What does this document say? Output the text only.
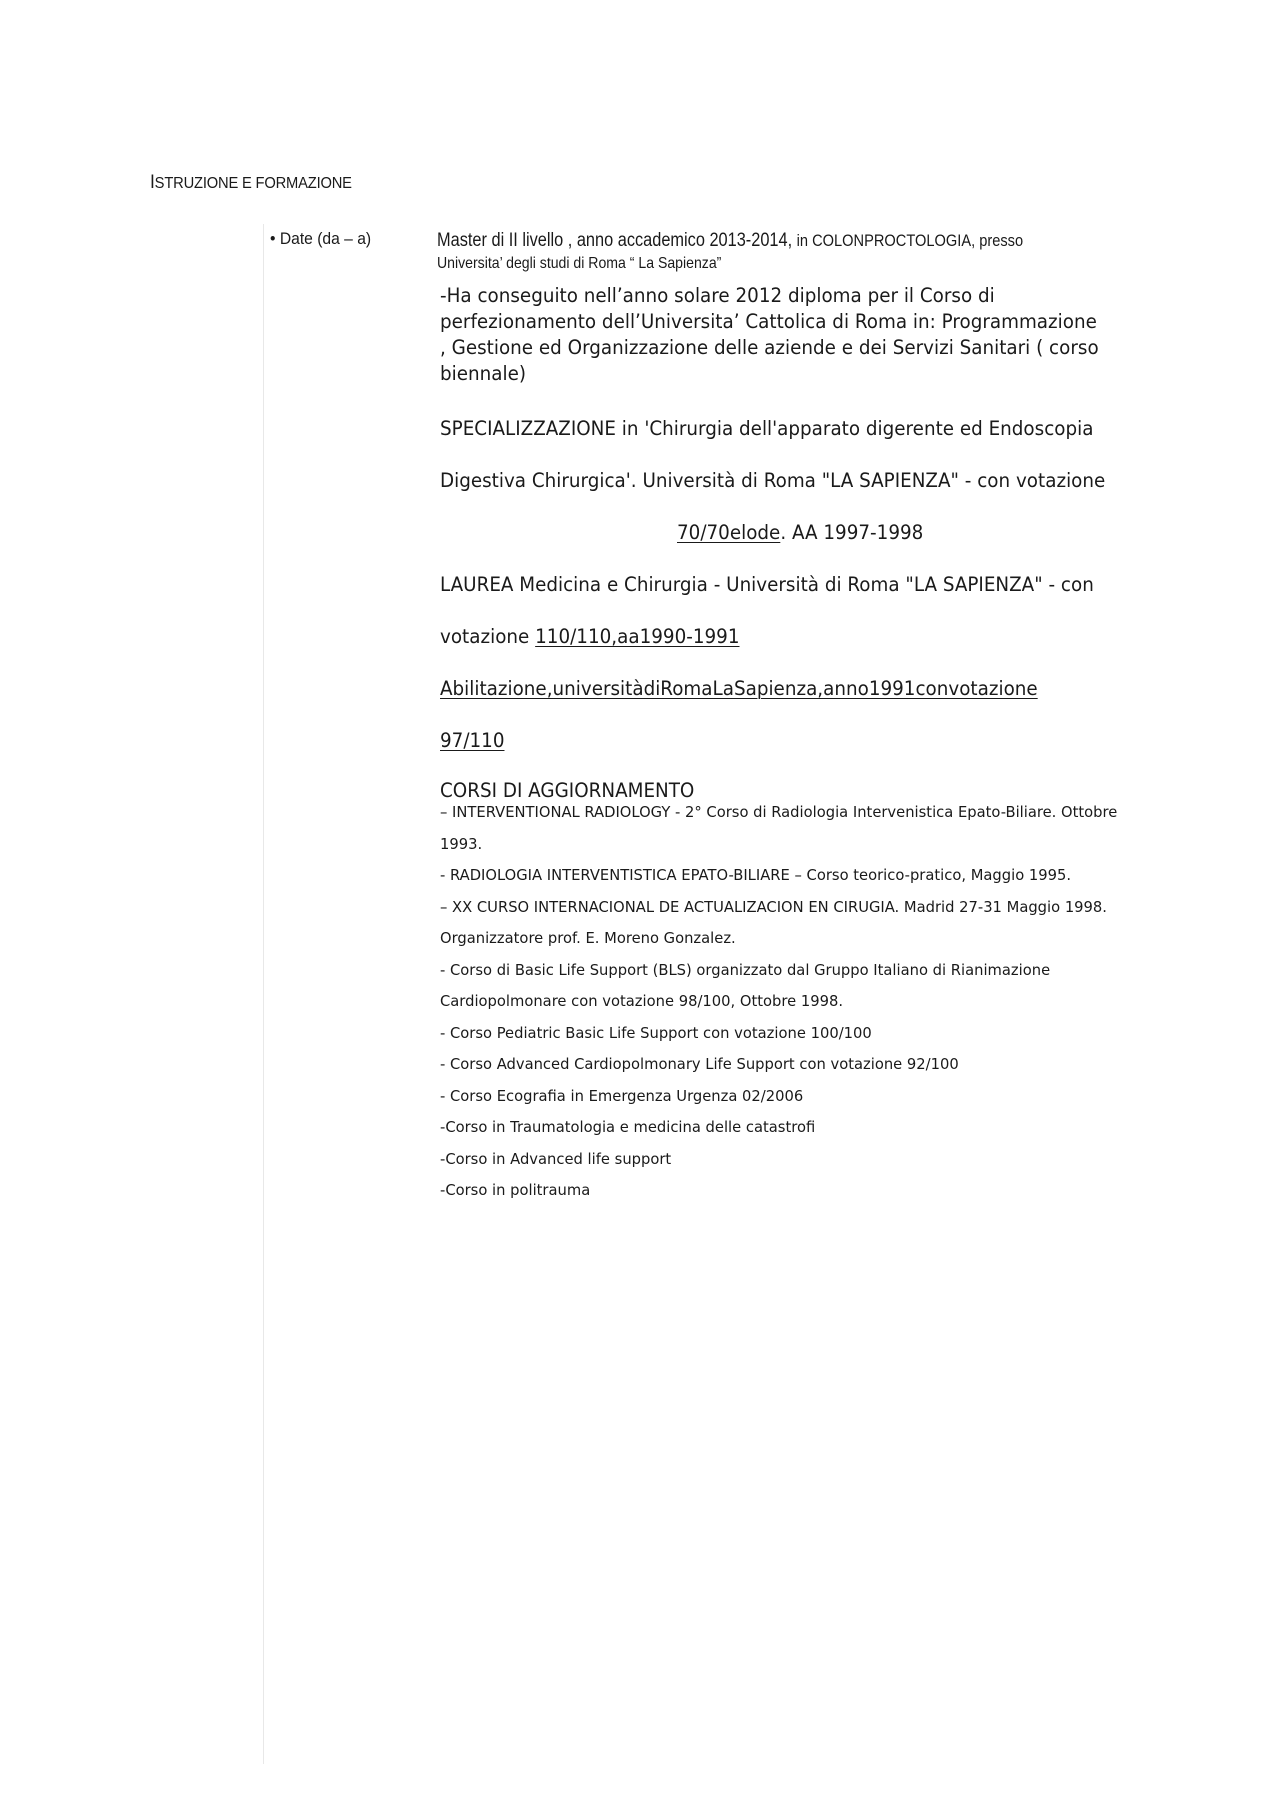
ISTRUZIONE E FORMAZIONE
• Date (da – a)	Master di II livello , anno accademico 2013-2014, in COLONPROCTOLOGIA, presso
Universita’ degli studi di Roma “ La Sapienza”
-Ha conseguito nell’anno solare 2012 diploma per il Corso di
perfezionamento dell’Universita’ Cattolica di Roma in: Programmazione
, Gestione ed Organizzazione delle aziende e dei Servizi Sanitari ( corso
biennale)
SPECIALIZZAZIONE in 'Chirurgia dell'apparato digerente ed Endoscopia
Digestiva Chirurgica'. Università di Roma "LA SAPIENZA" - con votazione
70/70elode. AA 1997-1998
LAUREA Medicina e Chirurgia - Università di Roma "LA SAPIENZA" - con
votazione 110/110,aa1990-1991
Abilitazione,universitàdiRomaLaSapienza,anno1991convotazione
97/110
CORSI DI AGGIORNAMENTO
– INTERVENTIONAL RADIOLOGY - 2° Corso di Radiologia Intervenistica Epato-Biliare. Ottobre
1993.
- RADIOLOGIA INTERVENTISTICA EPATO-BILIARE – Corso teorico-pratico, Maggio 1995.
– XX CURSO INTERNACIONAL DE ACTUALIZACION EN CIRUGIA. Madrid 27-31 Maggio 1998.
Organizzatore prof. E. Moreno Gonzalez.
- Corso di Basic Life Support (BLS) organizzato dal Gruppo Italiano di Rianimazione
Cardiopolmonare con votazione 98/100, Ottobre 1998.
- Corso Pediatric Basic Life Support con votazione 100/100
- Corso Advanced Cardiopolmonary Life Support con votazione 92/100
- Corso Ecografia in Emergenza Urgenza 02/2006
-Corso in Traumatologia e medicina delle catastrofi
-Corso in Advanced life support
-Corso in politrauma
